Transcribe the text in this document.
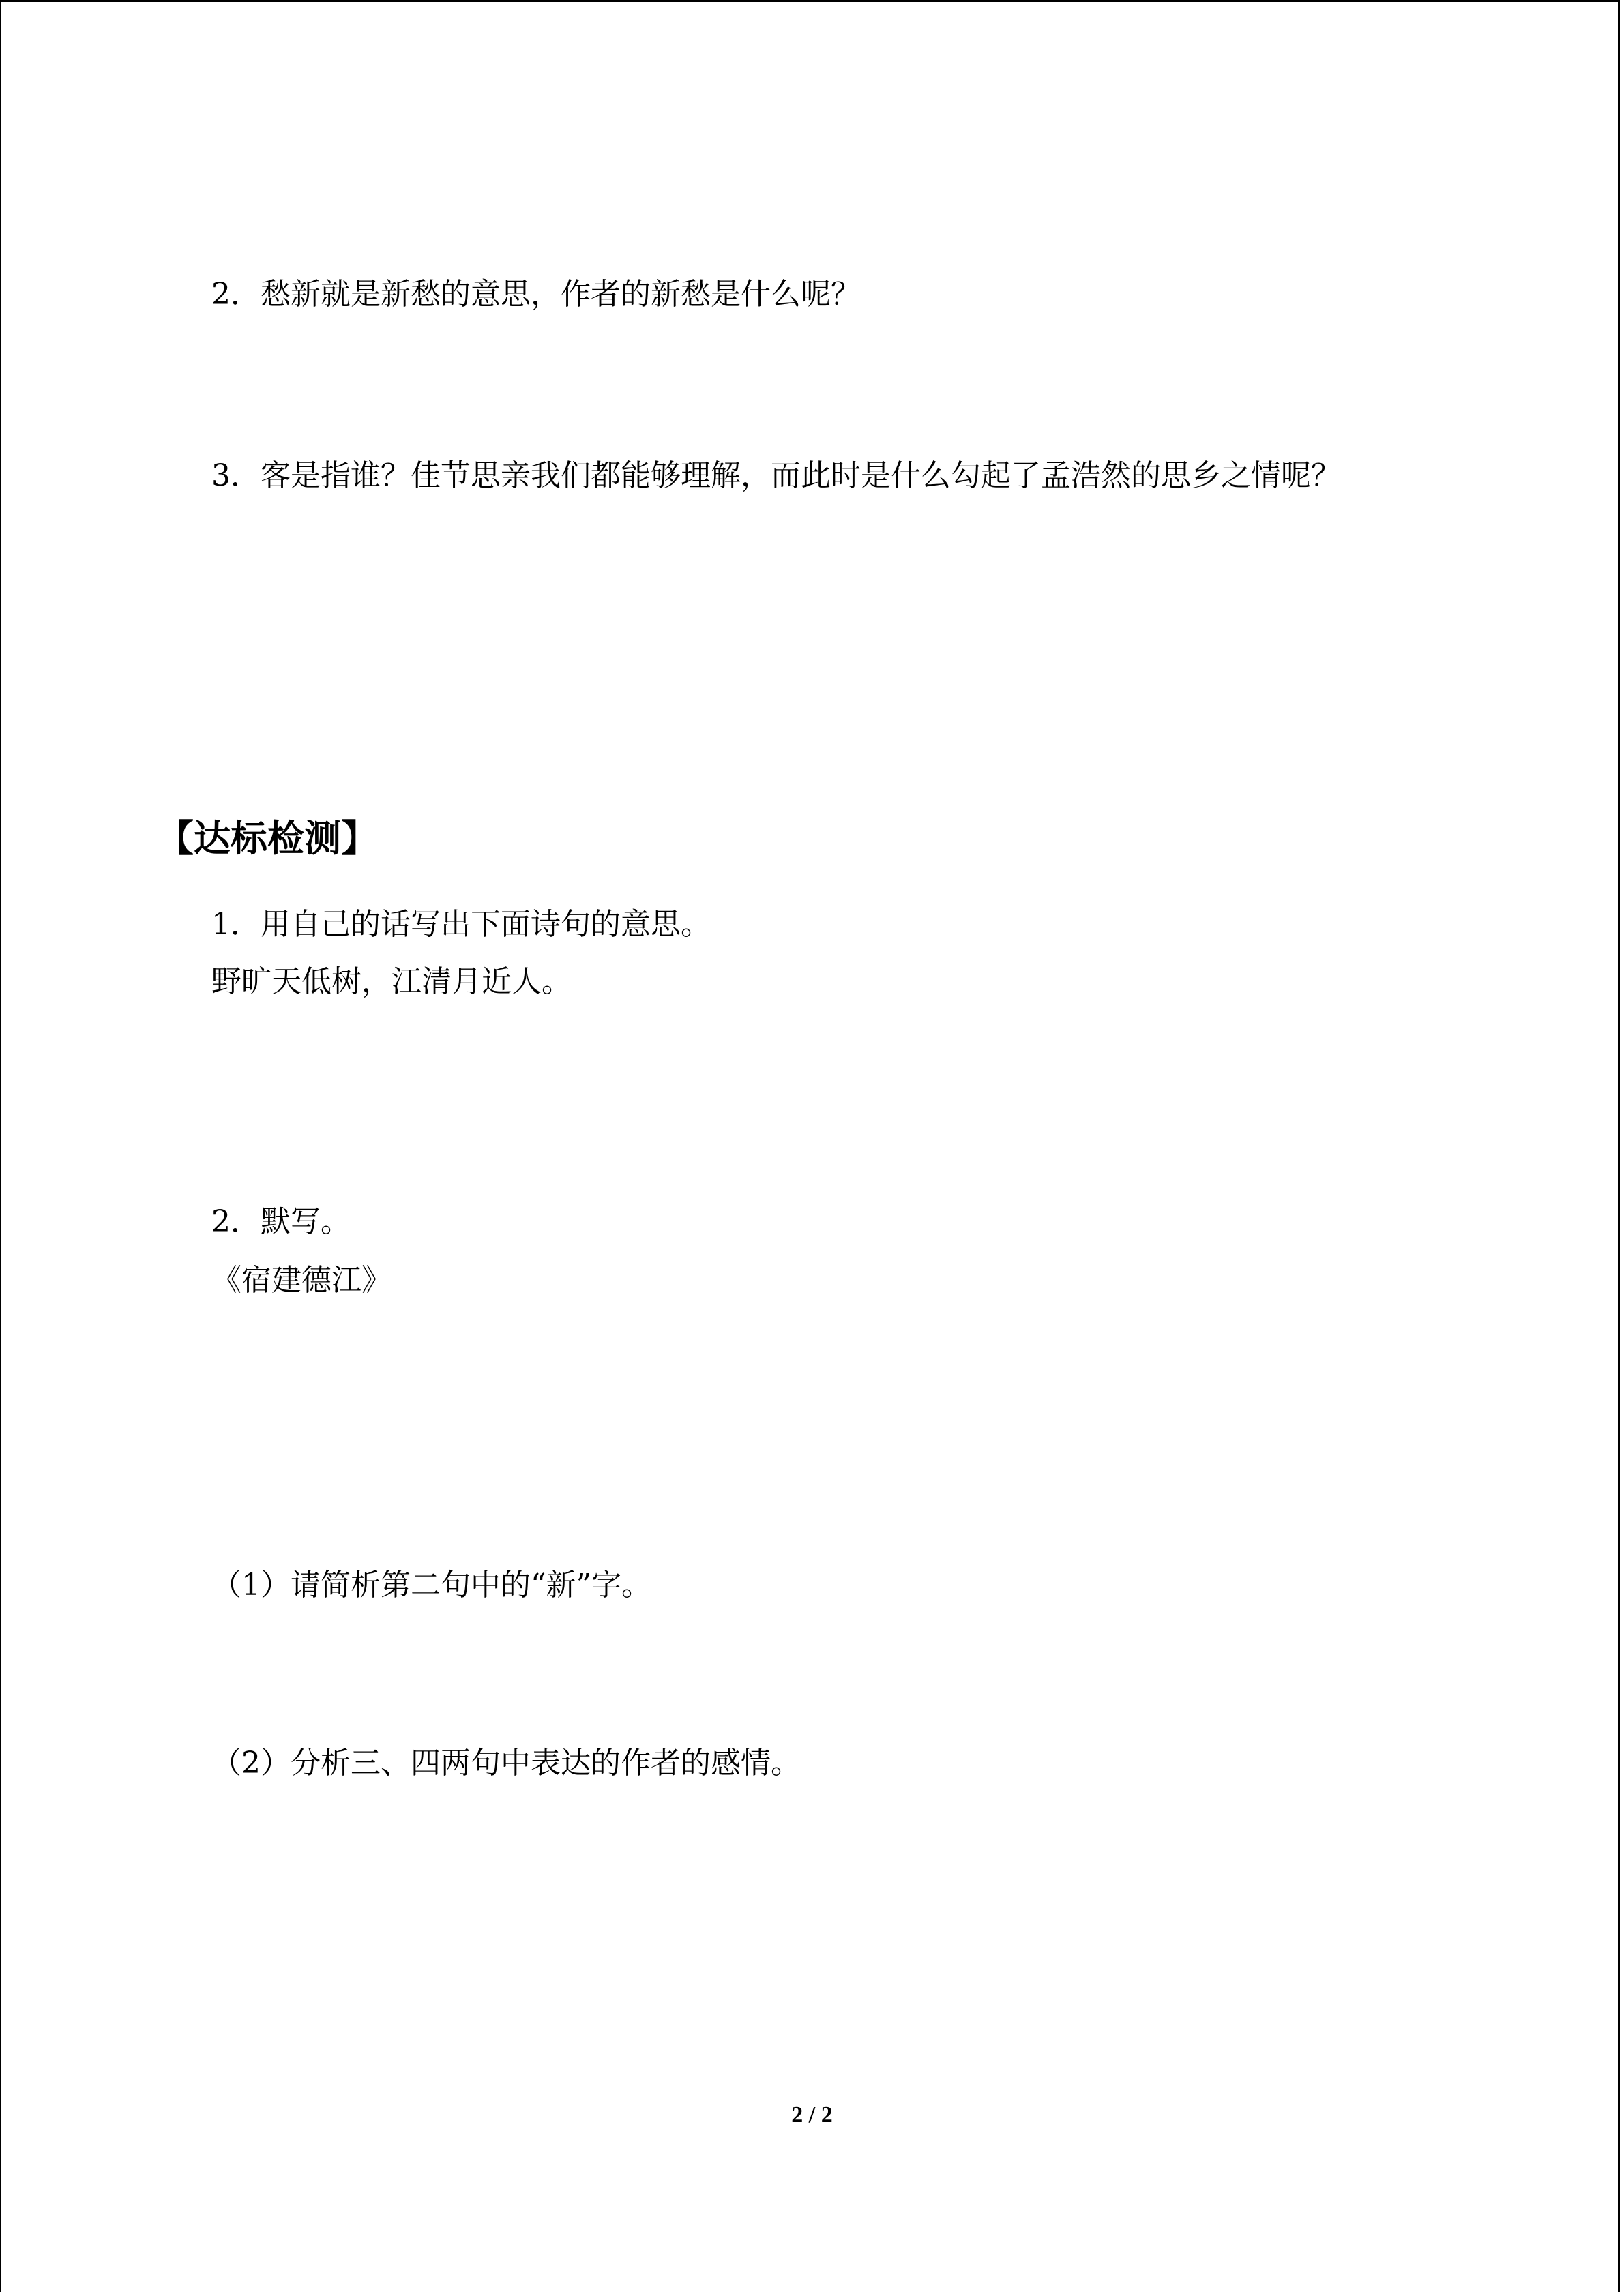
2．愁新就是新愁的意思，作者的新愁是什么呢？
3．客是指谁？佳节思亲我们都能够理解，而此时是什么勾起了孟浩然的思乡之情呢？
【达标检测】
1．用自己的话写出下面诗句的意思。
野旷天低树，江清月近人。
2．默写。
《宿建德江》
（1）请简析第二句中的“新”字。
（2）分析三、四两句中表达的作者的感情。
2 / 2
